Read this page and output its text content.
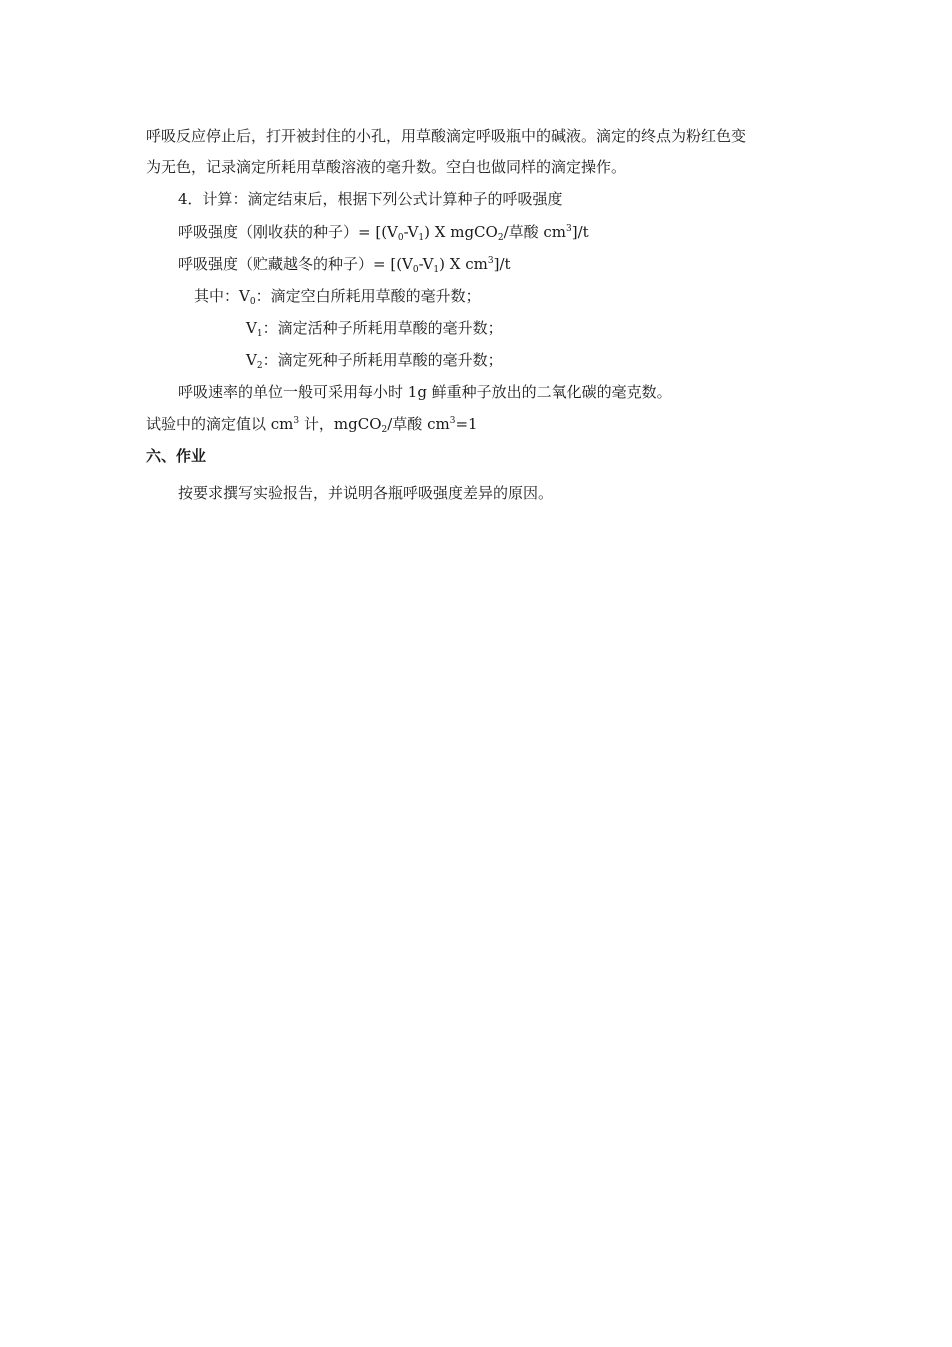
呼吸反应停止后，打开被封住的小孔，用草酸滴定呼吸瓶中的碱液。滴定的终点为粉红色变
为无色，记录滴定所耗用草酸溶液的毫升数。空白也做同样的滴定操作。
4．计算：滴定结束后，根据下列公式计算种子的呼吸强度
呼吸强度（刚收获的种子）= [$(V_0-V_1)$ X mgCO$_2$/草酸 $cm^3]/t$
呼吸强度（贮藏越冬的种子）= [$(V_0-V_1)$ X $cm^3]/t$
其中：$V_0$：滴定空白所耗用草酸的毫升数；
$V_1$：滴定活种子所耗用草酸的毫升数；
$V_2$：滴定死种子所耗用草酸的毫升数；
呼吸速率的单位一般可采用每小时 1g 鲜重种子放出的二氧化碳的毫克数。
试验中的滴定值以 $cm^3$ 计，mgCO$_2$/草酸 $cm^3=1$
六、作业
按要求撰写实验报告，并说明各瓶呼吸强度差异的原因。
